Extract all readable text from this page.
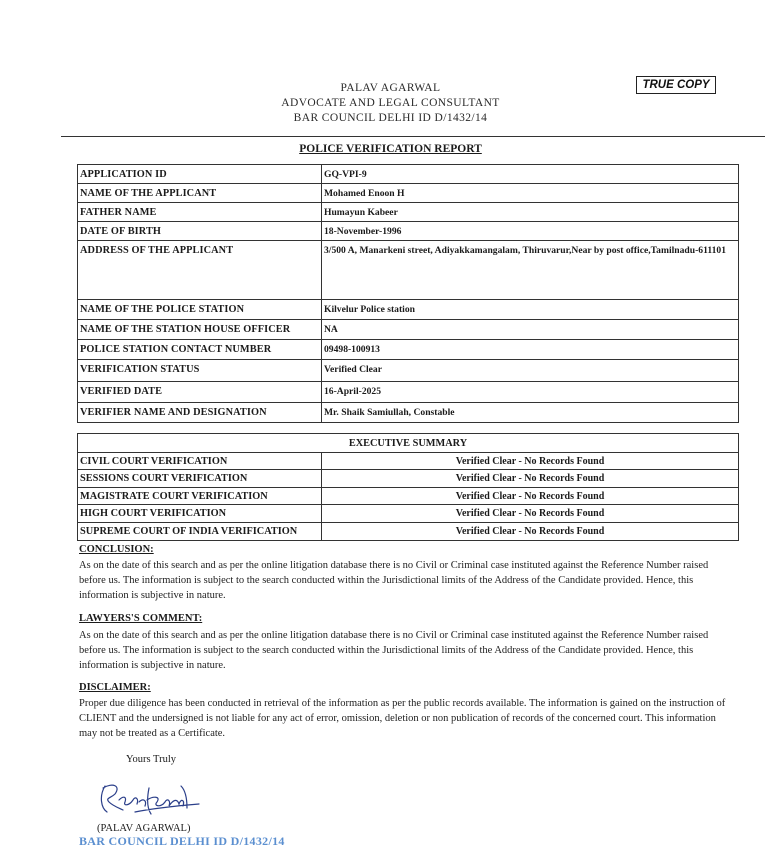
PALAV AGARWAL
ADVOCATE AND LEGAL CONSULTANT
BAR COUNCIL DELHI ID D/1432/14
TRUE COPY
POLICE VERIFICATION REPORT
APPLICATION ID	GQ-VPI-9
NAME OF THE APPLICANT	Mohamed Enoon H
FATHER NAME	Humayun Kabeer
DATE OF BIRTH	18-November-1996
ADDRESS OF THE APPLICANT	3/500 A, Manarkeni street, Adiyakkamangalam, Thiruvarur,Near by post office,Tamilnadu-611101
NAME OF THE POLICE STATION	Kilvelur Police station
NAME OF THE STATION HOUSE OFFICER	NA
POLICE STATION CONTACT NUMBER	09498-100913
VERIFICATION STATUS	Verified Clear
VERIFIED DATE	16-April-2025
VERIFIER NAME AND DESIGNATION	Mr. Shaik Samiullah, Constable
EXECUTIVE SUMMARY	
CIVIL COURT VERIFICATION	Verified Clear - No Records Found
SESSIONS COURT VERIFICATION	Verified Clear - No Records Found
MAGISTRATE COURT VERIFICATION	Verified Clear - No Records Found
HIGH COURT VERIFICATION	Verified Clear - No Records Found
SUPREME COURT OF INDIA VERIFICATION	Verified Clear - No Records Found
CONCLUSION:
As on the date of this search and as per the online litigation database there is no Civil or Criminal case instituted against the Reference Number raised before us. The information is subject to the search conducted within the Jurisdictional limits of the Address of the Candidate provided. Hence, this information is subjective in nature.
LAWYERS'S COMMENT:
As on the date of this search and as per the online litigation database there is no Civil or Criminal case instituted against the Reference Number raised before us. The information is subject to the search conducted within the Jurisdictional limits of the Address of the Candidate provided. Hence, this information is subjective in nature.
DISCLAIMER:
Proper due diligence has been conducted in retrieval of the information as per the public records available. The information is gained on the instruction of CLIENT and the undersigned is not liable for any act of error, omission, deletion or non publication of records of the concerned court. This information may not be treated as a Certificate.
Yours Truly
(PALAV AGARWAL)
BAR COUNCIL DELHI ID D/1432/14
